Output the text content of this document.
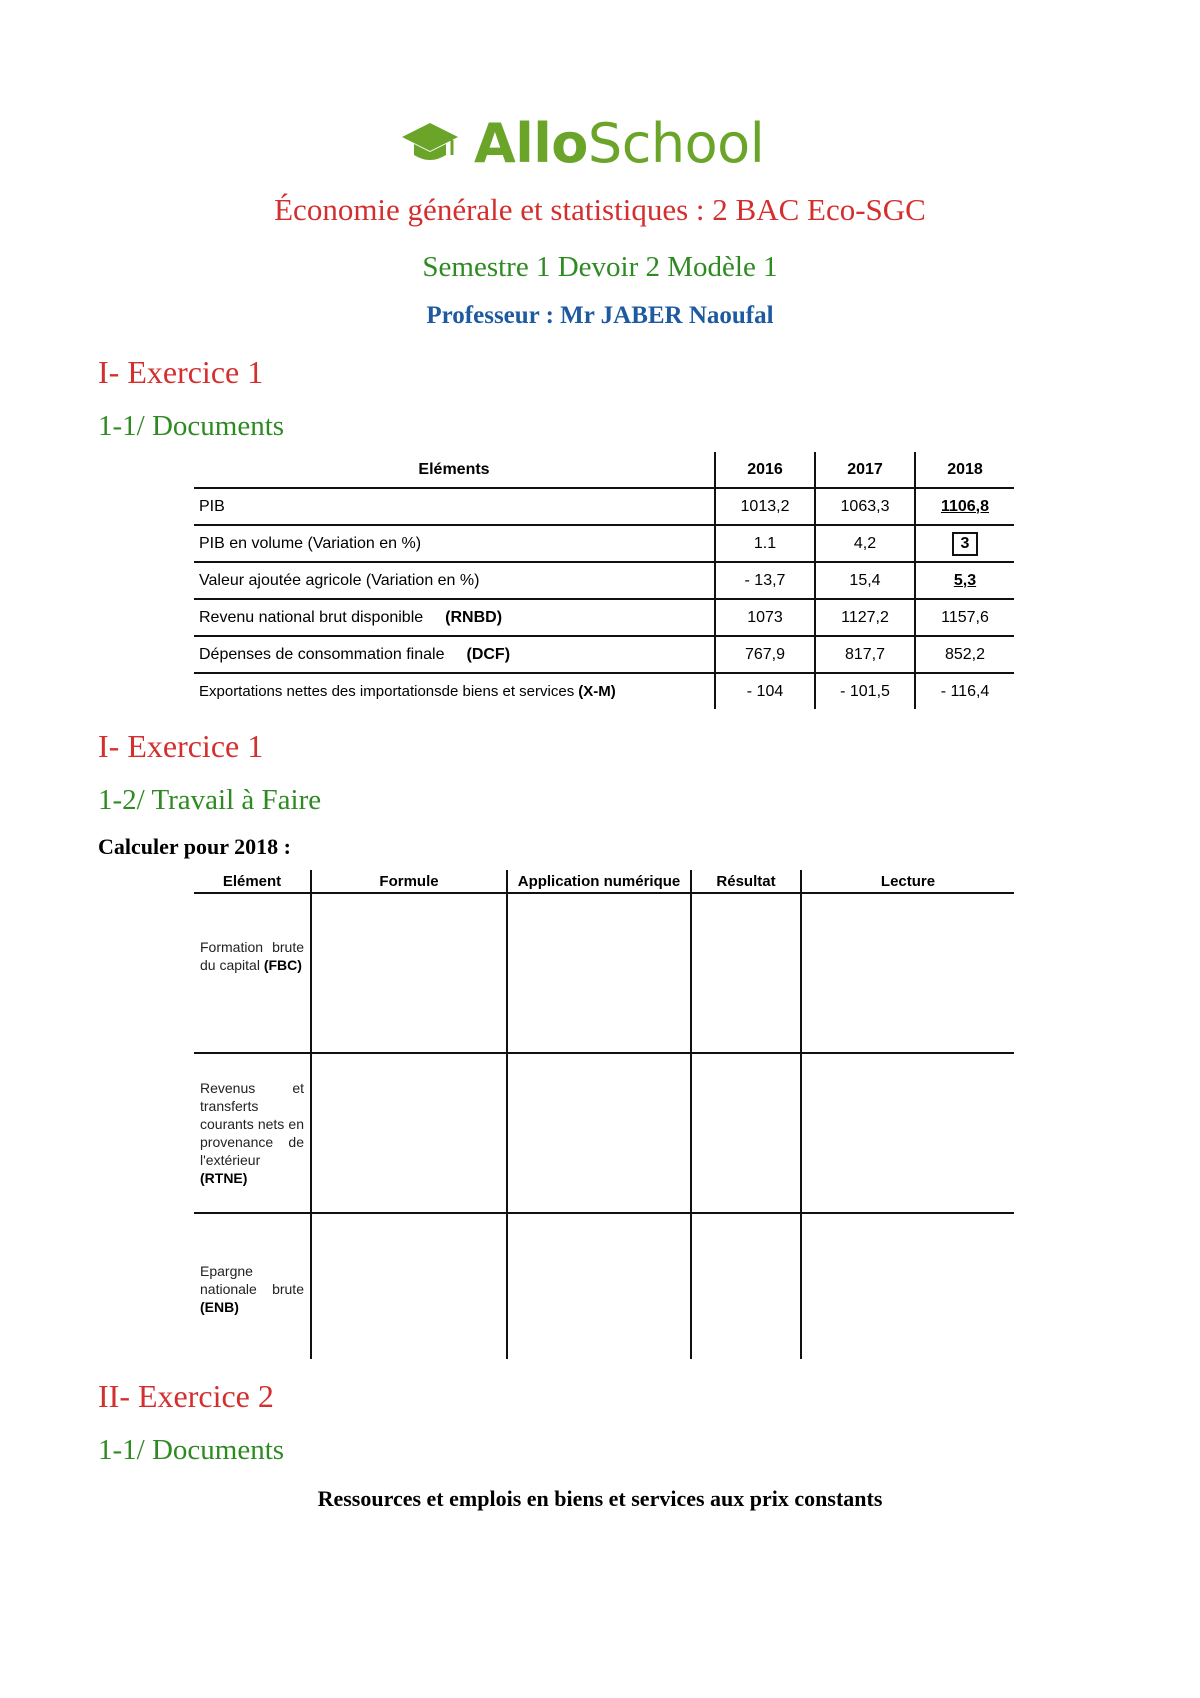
AlloSchool
Économie générale et statistiques : 2 BAC Eco-SGC
Semestre 1 Devoir 2 Modèle 1
Professeur : Mr JABER Naoufal
I- Exercice 1
1-1/ Documents
Eléments	2016	2017	2018
PIB	1013,2	1063,3	1106,8
PIB en volume (Variation en %)	1.1	4,2	3
Valeur ajoutée agricole (Variation en %)	- 13,7	15,4	5,3
Revenu national brut disponible (RNBD)	1073	1127,2	1157,6
Dépenses de consommation finale (DCF)	767,9	817,7	852,2
Exportations nettes des importationsde biens et services (X-M)	- 104	- 101,5	- 116,4
I- Exercice 1
1-2/ Travail à Faire
Calculer pour 2018 :
Elément	Formule	Application numérique	Résultat	Lecture
Formation brute du capital (FBC)				
Revenus et transferts courants nets en provenance de l'extérieur (RTNE)				
Epargne nationale brute (ENB)				
II- Exercice 2
1-1/ Documents
Ressources et emplois en biens et services aux prix constants
